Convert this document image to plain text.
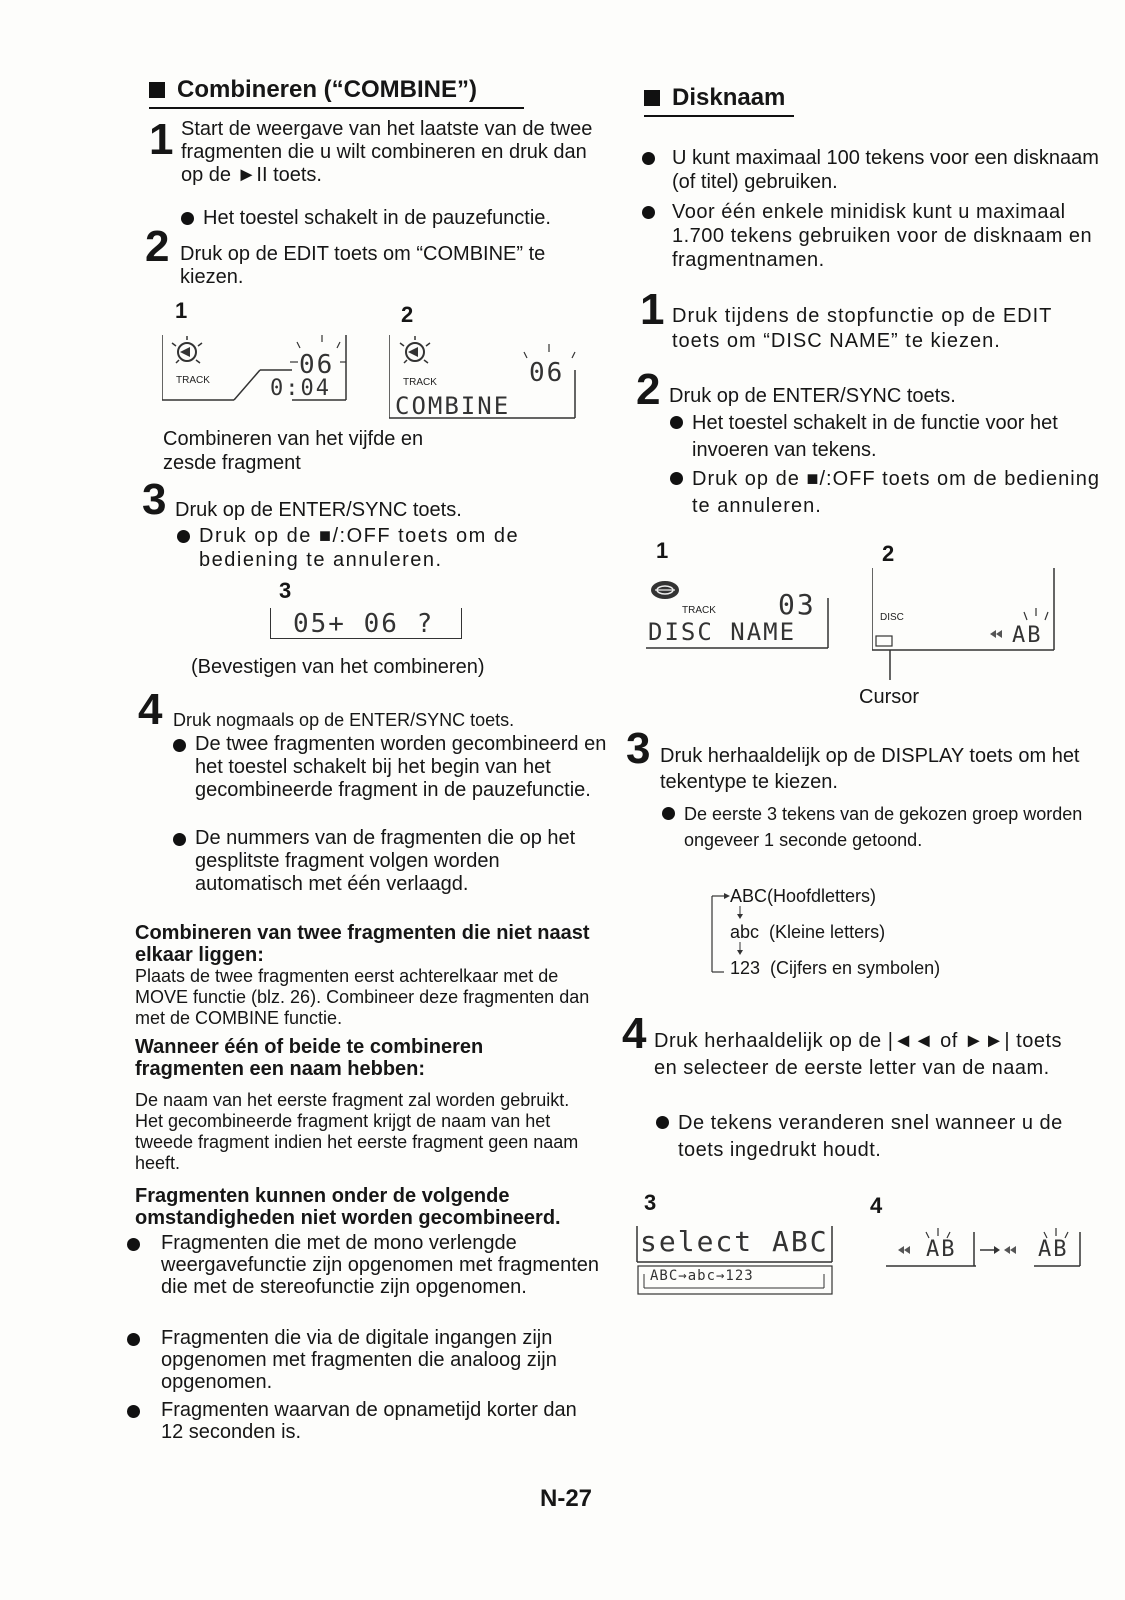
Combineren (“COMBINE”)
1 Start de weergave van het laatste van de twee fragmenten die u wilt combineren en druk dan op de ►II toets.
Het toestel schakelt in de pauzefunctie.
2 Druk op de EDIT toets om “COMBINE” te kiezen.
1	2
TRACK
06
0:04	TRACK	06
COMBINE
Combineren van het vijfde en zesde fragment
3 Druk op de ENTER/SYNC toets.
Druk op de ■/:OFF toets om de bediening te annuleren.
3
05+ 06 ?
(Bevestigen van het combineren)
4 Druk nogmaals op de ENTER/SYNC toets.
De twee fragmenten worden gecombineerd en het toestel schakelt bij het begin van het gecombineerde fragment in de pauzefunctie.
De nummers van de fragmenten die op het gesplitste fragment volgen worden automatisch met één verlaagd.
Combineren van twee fragmenten die niet naast elkaar liggen:
Plaats de twee fragmenten eerst achterelkaar met de MOVE functie (blz. 26). Combineer deze fragmenten dan met de COMBINE functie.
Wanneer één of beide te combineren fragmenten een naam hebben:
De naam van het eerste fragment zal worden gebruikt. Het gecombineerde fragment krijgt de naam van het tweede fragment indien het eerste fragment geen naam heeft.
Fragmenten kunnen onder de volgende omstandigheden niet worden gecombineerd.
Fragmenten die met de mono verlengde weergavefunctie zijn opgenomen met fragmenten die met de stereofunctie zijn opgenomen.
Fragmenten die via de digitale ingangen zijn opgenomen met fragmenten die analoog zijn opgenomen.
Fragmenten waarvan de opnametijd korter dan 12 seconden is.
Disknaam
U kunt maximaal 100 tekens voor een disknaam (of titel) gebruiken.
Voor één enkele minidisk kunt u maximaal 1.700 tekens gebruiken voor de disknaam en fragmentnamen.
1 Druk tijdens de stopfunctie op de EDIT toets om “DISC NAME” te kiezen.
2 Druk op de ENTER/SYNC toets.
Het toestel schakelt in de functie voor het invoeren van tekens.
Druk op de ■/:OFF toets om de bediening te annuleren.
1	2
TRACK 03
DISC NAME
DISC
AB
Cursor
3 Druk herhaaldelijk op de DISPLAY toets om het tekentype te kiezen.
De eerste 3 tekens van de gekozen groep worden ongeveer 1 seconde getoond.
ABC(Hoofdletters)
abc  (Kleine letters)
123  (Cijfers en symbolen)
4 Druk herhaaldelijk op de |◄◄ of ►►| toets en selecteer de eerste letter van de naam.
De tekens veranderen snel wanneer u de toets ingedrukt houdt.
3	4
select ABC
ABC→abc→123
AB	AB
N-27
